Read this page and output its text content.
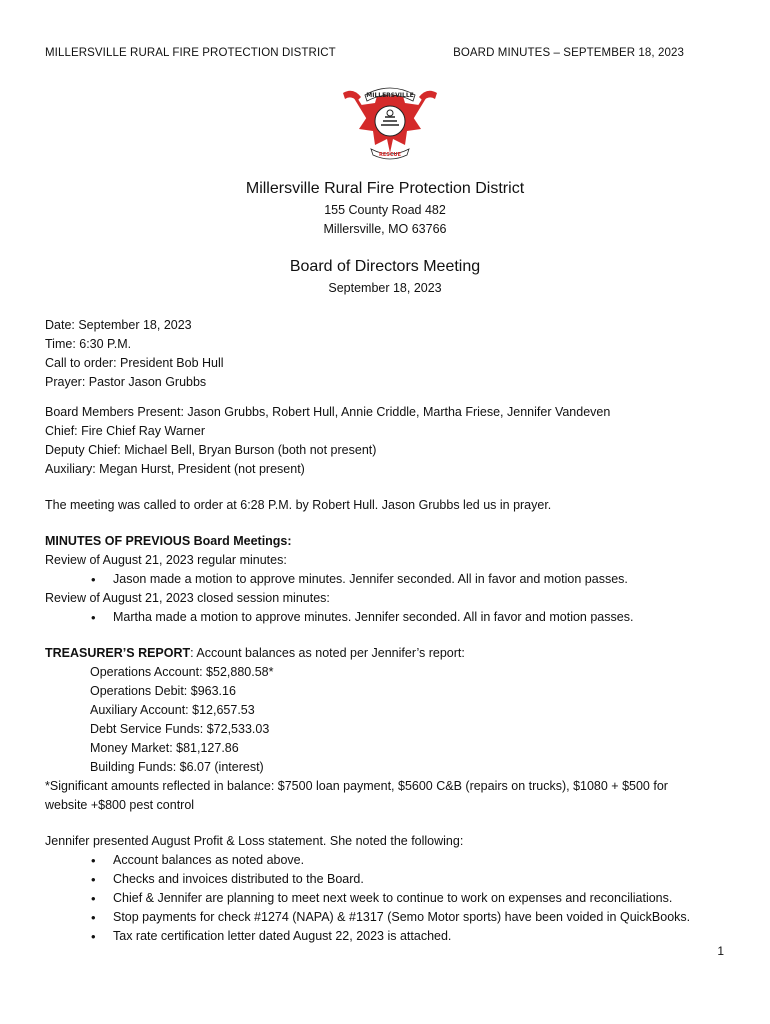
MILLERSVILLE RURAL FIRE PROTECTION DISTRICT	BOARD MINUTES – SEPTEMBER 18, 2023
MILLERSVILLE
RESCUE
Millersville Rural Fire Protection District
155 County Road 482
Millersville, MO 63766
Board of Directors Meeting
September 18, 2023

Date: September 18, 2023

Time: 6:30 P.M.

Call to order: President Bob Hull

Prayer: Pastor Jason Grubbs

Board Members Present: Jason Grubbs, Robert Hull, Annie Criddle, Martha Friese, Jennifer Vandeven

Chief: Fire Chief Ray Warner

Deputy Chief: Michael Bell, Bryan Burson (both not present)

Auxiliary: Megan Hurst, President (not present)

The meeting was called to order at 6:28 P.M. by Robert Hull. Jason Grubbs led us in prayer.

MINUTES OF PREVIOUS Board Meetings:

Review of August 21, 2023 regular minutes:

• Jason made a motion to approve minutes. Jennifer seconded. All in favor and motion passes.

Review of August 21, 2023 closed session minutes:

• Martha made a motion to approve minutes. Jennifer seconded. All in favor and motion passes.

TREASURER’S REPORT: Account balances as noted per Jennifer’s report:

Operations Account: $52,880.58*

Operations Debit: $963.16

Auxiliary Account: $12,657.53

Debt Service Funds: $72,533.03

Money Market: $81,127.86

Building Funds: $6.07 (interest)

*Significant amounts reflected in balance: $7500 loan payment, $5600 C&B (repairs on trucks), $1080 + $500 for

website +$800 pest control

Jennifer presented August Profit & Loss statement. She noted the following:

• Account balances as noted above.
• Checks and invoices distributed to the Board.
• Chief & Jennifer are planning to meet next week to continue to work on expenses and reconciliations.
• Stop payments for check #1274 (NAPA) & #1317 (Semo Motor sports) have been voided in QuickBooks.
• Tax rate certification letter dated August 22, 2023 is attached.
1
